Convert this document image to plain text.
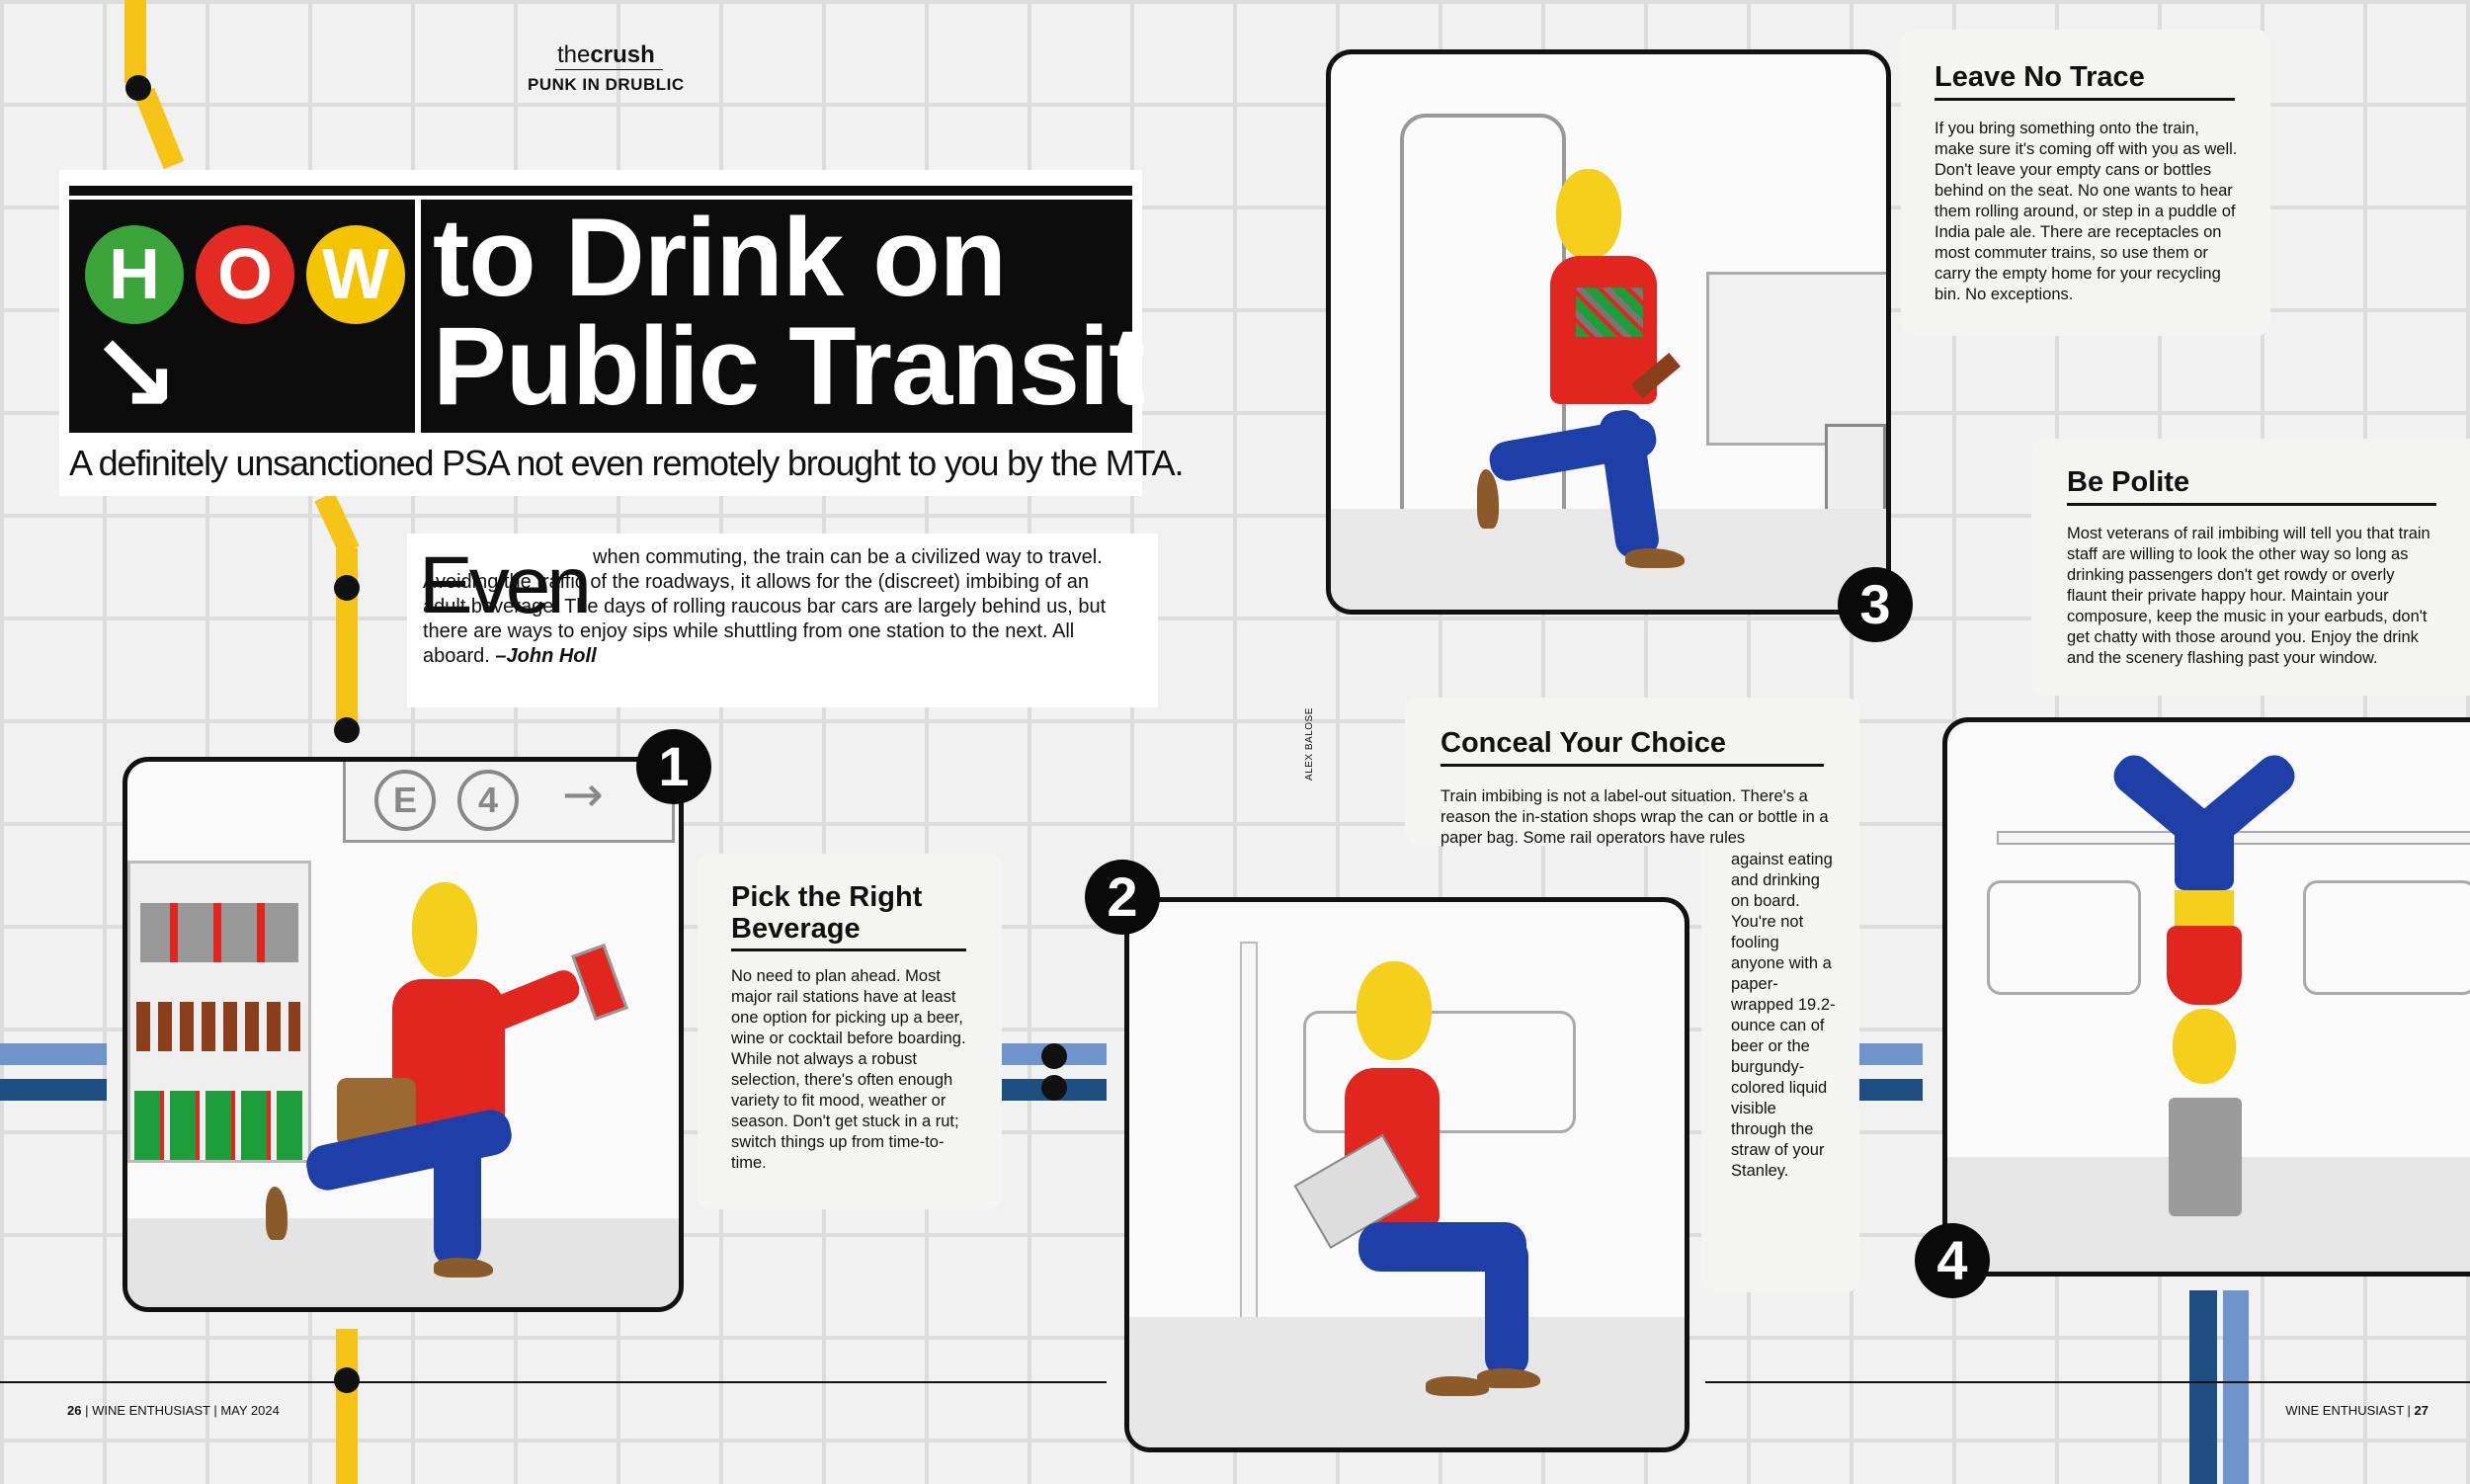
thecrush
PUNK IN DRUBLIC
H O W
↘
to Drink on
Public Transit
A definitely unsanctioned PSA not even remotely brought to you by the MTA.
Even when commuting, the train can be a civilized way to travel. Avoiding the traffic of the roadways, it allows for the (discreet) imbibing of an adult beverage. The days of rolling raucous bar cars are largely behind us, but there are ways to enjoy sips while shuttling from one station to the next. All aboard. –John Holl
E	4	→ 1
Pick the Right Beverage
No need to plan ahead. Most major rail stations have at least one option for picking up a beer, wine or cocktail before boarding. While not always a robust selection, there's often enough variety to fit mood, weather or season. Don't get stuck in a rut; switch things up from time-to-time.
2
ALEX BALOSE	Conceal Your Choice
Train imbibing is not a label-out situation. There's a reason the in-station shops wrap the can or bottle in a paper bag. Some rail operators have rules
against eating and drinking on board. You're not fooling anyone with a paper-wrapped 19.2-ounce can of beer or the burgundy-colored liquid visible through the straw of your Stanley.
3
Leave No Trace
If you bring something onto the train, make sure it's coming off with you as well. Don't leave your empty cans or bottles behind on the seat. No one wants to hear them rolling around, or step in a puddle of India pale ale. There are receptacles on most commuter trains, so use them or carry the empty home for your recycling bin. No exceptions.
Be Polite
Most veterans of rail imbibing will tell you that train staff are willing to look the other way so long as drinking passengers don't get rowdy or overly flaunt their private happy hour. Maintain your composure, keep the music in your earbuds, don't get chatty with those around you. Enjoy the drink and the scenery flashing past your window.
4
26 | WINE ENTHUSIAST | MAY 2024	WINE ENTHUSIAST | 27
